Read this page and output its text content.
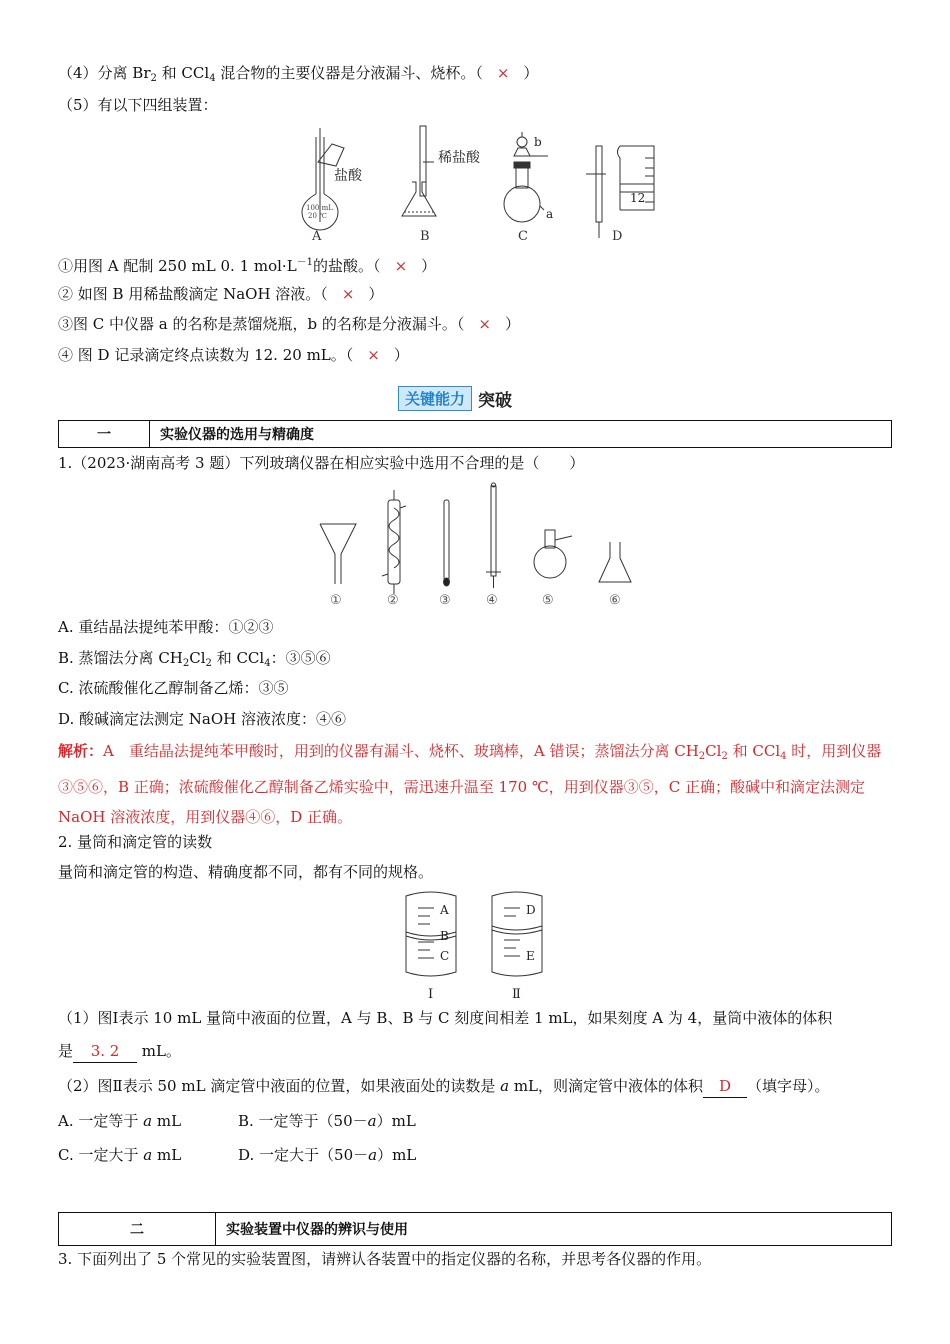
（4）分离 $Br_2$ 和 CCl$_4$ 混合物的主要仪器是分液漏斗、烧杯。（ × ）
（5）有以下四组装置：
盐酸
稀盐酸
100 mL
20 ℃
b
a
12
A	B	C	D
①用图 A 配制 250 mL 0. 1 $mol\cdot L^{-1}$的盐酸。（ × ）
② 如图 B 用稀盐酸滴定 NaOH 溶液。（ × ）
③图 C 中仪器 a 的名称是蒸馏烧瓶，b 的名称是分液漏斗。（ × ）
④ 图 D 记录滴定终点读数为 12. 20 mL。（ × ）
关键能力 突破
一	实验仪器的选用与精确度
1.（2023·湖南高考 3 题）下列玻璃仪器在相应实验中选用不合理的是（　　）
①	②	③	④	⑤	⑥
A. 重结晶法提纯苯甲酸：①②③
B. 蒸馏法分离 $CH_2Cl_2$ 和 CCl$_4$：③⑤⑥
C. 浓硫酸催化乙醇制备乙烯：③⑤
D. 酸碱滴定法测定 NaOH 溶液浓度：④⑥
解析：A　重结晶法提纯苯甲酸时，用到的仪器有漏斗、烧杯、玻璃棒，A 错误；蒸馏法分离 $CH_2Cl_2$ 和 CCl$_4$ 时，用到仪器③⑤⑥，B 正确；浓硫酸催化乙醇制备乙烯实验中，需迅速升温至 170 ℃，用到仪器③⑤，C 正确；酸碱中和滴定法测定 NaOH 溶液浓度，用到仪器④⑥，D 正确。
2. 量筒和滴定管的读数
量筒和滴定管的构造、精确度都不同，都有不同的规格。
A
B
C
D
E
Ⅰ	Ⅱ
（1）图Ⅰ表示 10 mL 量筒中液面的位置，A 与 B、B 与 C 刻度间相差 1 mL，如果刻度 A 为 4，量筒中液体的体积
是 3. 2 mL。
（2）图Ⅱ表示 50 mL 滴定管中液面的位置，如果液面处的读数是 a mL，则滴定管中液体的体积 D （填字母）。
A. 一定等于 a mL	B. 一定等于（50－a）mL
C. 一定大于 a mL	D. 一定大于（50－a）mL
二	实验装置中仪器的辨识与使用
3. 下面列出了 5 个常见的实验装置图，请辨认各装置中的指定仪器的名称，并思考各仪器的作用。
